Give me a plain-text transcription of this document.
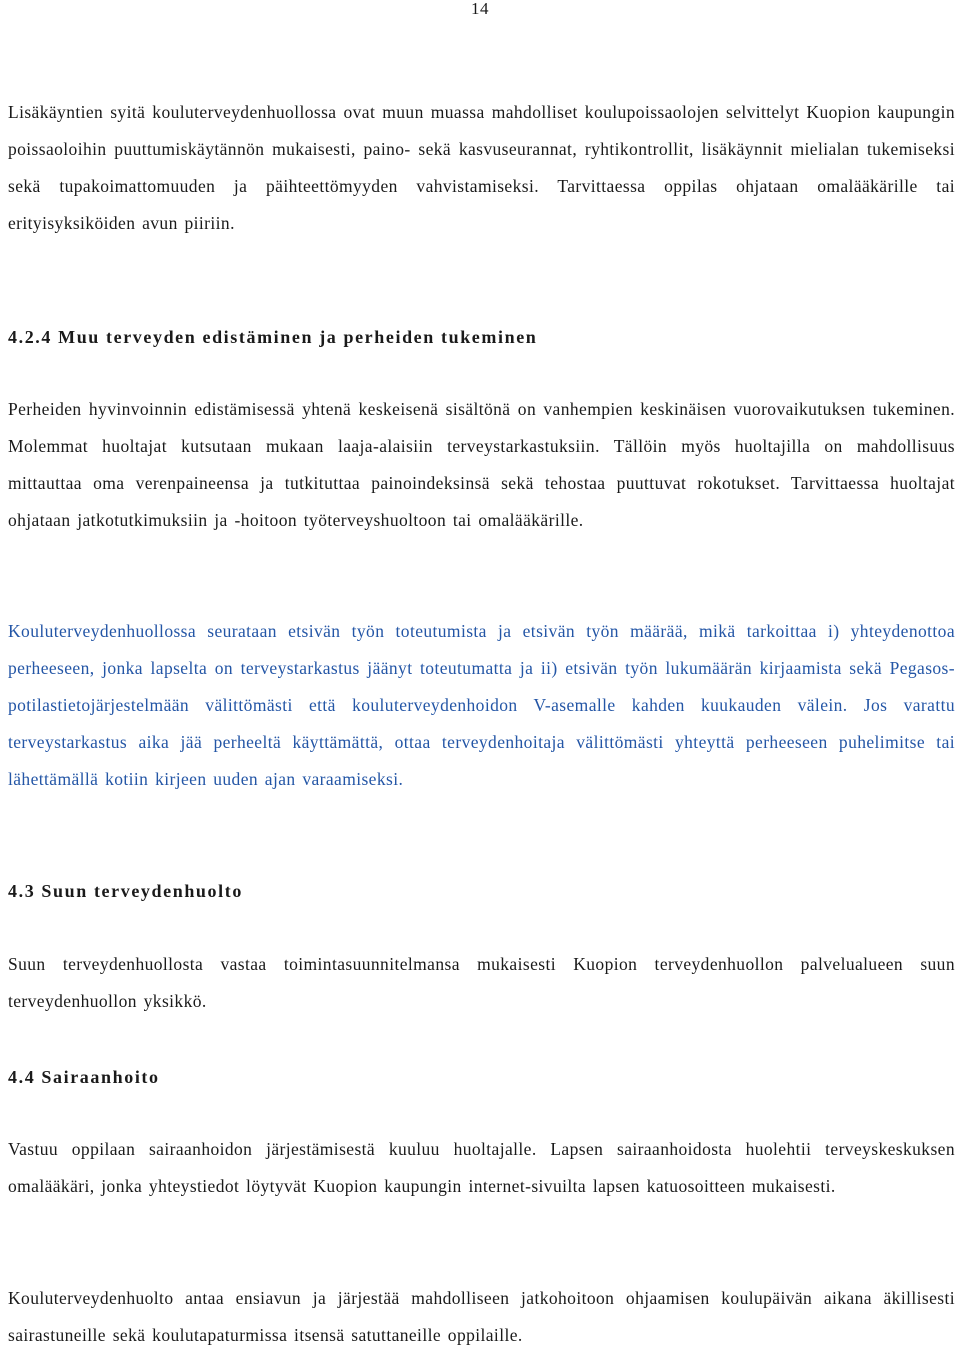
14

Lisäkäyntien syitä kouluterveydenhuollossa ovat muun muassa mahdolliset koulupoissaolojen selvittelyt Kuopion kaupungin poissaoloihin puuttumiskäytännön mukaisesti, paino- sekä kasvuseurannat, ryhtikontrollit, lisäkäynnit mielialan tukemiseksi sekä tupakoimattomuuden ja päihteettömyyden vahvistamiseksi. Tarvittaessa oppilas ohjataan omalääkärille tai erityisyksiköiden avun piiriin.

4.2.4 Muu terveyden edistäminen ja perheiden tukeminen

Perheiden hyvinvoinnin edistämisessä yhtenä keskeisenä sisältönä on vanhempien keskinäisen vuorovaikutuksen tukeminen. Molemmat huoltajat kutsutaan mukaan laaja-alaisiin terveystarkastuksiin. Tällöin myös huoltajilla on mahdollisuus mittauttaa oma verenpaineensa ja tutkituttaa painoindeksinsä sekä tehostaa puuttuvat rokotukset. Tarvittaessa huoltajat ohjataan jatkotutkimuksiin ja -hoitoon työterveyshuoltoon tai omalääkärille.

Kouluterveydenhuollossa seurataan etsivän työn toteutumista ja etsivän työn määrää, mikä tarkoittaa i) yhteydenottoa perheeseen, jonka lapselta on terveystarkastus jäänyt toteutumatta ja ii) etsivän työn lukumäärän kirjaamista sekä Pegasos-potilastietojärjestelmään välittömästi että kouluterveydenhoidon V-asemalle kahden kuukauden välein. Jos varattu terveystarkastus aika jää perheeltä käyttämättä, ottaa terveydenhoitaja välittömästi yhteyttä perheeseen puhelimitse tai lähettämällä kotiin kirjeen uuden ajan varaamiseksi.

4.3 Suun terveydenhuolto

Suun terveydenhuollosta vastaa toimintasuunnitelmansa mukaisesti Kuopion terveydenhuollon palvelualueen suun terveydenhuollon yksikkö.

4.4 Sairaanhoito

Vastuu oppilaan sairaanhoidon järjestämisestä kuuluu huoltajalle. Lapsen sairaanhoidosta huolehtii terveyskeskuksen omalääkäri, jonka yhteystiedot löytyvät Kuopion kaupungin internet-sivuilta lapsen katuosoitteen mukaisesti.

Kouluterveydenhuolto antaa ensiavun ja järjestää mahdolliseen jatkohoitoon ohjaamisen koulupäivän aikana äkillisesti sairastuneille sekä koulutapaturmissa itsensä satuttaneille oppilaille.
